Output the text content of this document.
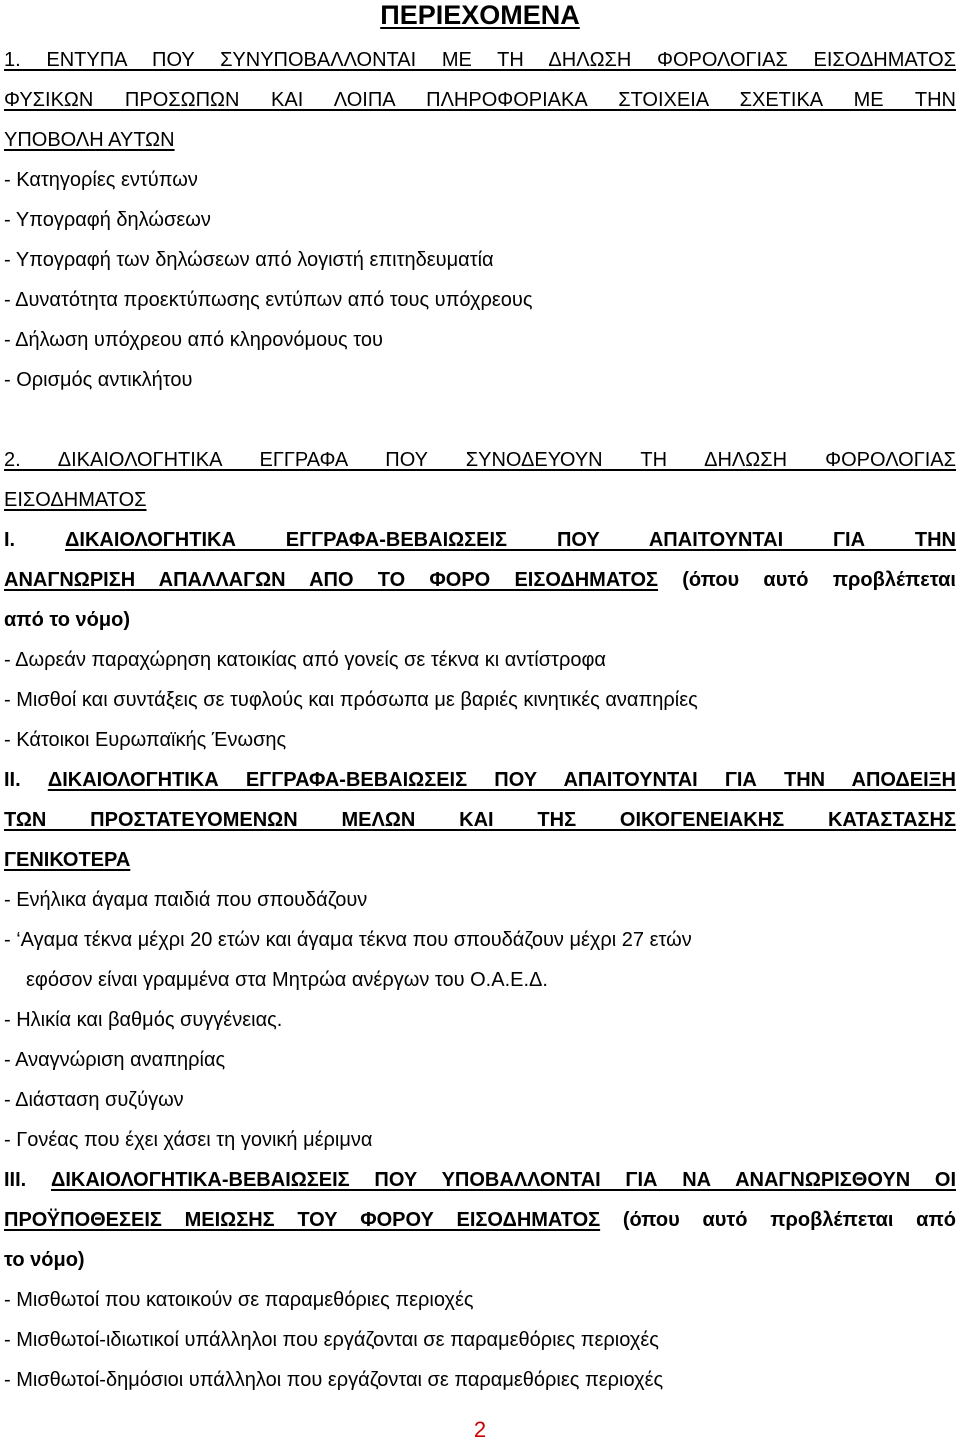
ΠΕΡΙΕΧΟΜΕΝΑ
1. ΕΝΤΥΠΑ ΠΟΥ ΣΥΝΥΠΟΒΑΛΛΟΝΤΑΙ ΜΕ ΤΗ ΔΗΛΩΣΗ ΦΟΡΟΛΟΓΙΑΣ ΕΙΣΟΔΗΜΑΤΟΣ
ΦΥΣΙΚΩΝ ΠΡΟΣΩΠΩΝ ΚΑΙ ΛΟΙΠΑ ΠΛΗΡΟΦΟΡΙΑΚΑ ΣΤΟΙΧΕΙΑ ΣΧΕΤΙΚΑ ΜΕ ΤΗΝ
ΥΠΟΒΟΛΗ ΑΥΤΩΝ
- Κατηγορίες εντύπων
- Υπογραφή δηλώσεων
- Υπογραφή των δηλώσεων από λογιστή επιτηδευματία
- Δυνατότητα προεκτύπωσης εντύπων από τους υπόχρεους
- Δήλωση υπόχρεου από κληρονόμους του
- Ορισμός αντικλήτου
2. ΔΙΚΑΙΟΛΟΓΗΤΙΚΑ ΕΓΓΡΑΦΑ ΠΟΥ ΣΥΝΟΔΕΥΟΥΝ ΤΗ ΔΗΛΩΣΗ ΦΟΡΟΛΟΓΙΑΣ
ΕΙΣΟΔΗΜΑΤΟΣ
I. ΔΙΚΑΙΟΛΟΓΗΤΙΚΑ ΕΓΓΡΑΦΑ-ΒΕΒΑΙΩΣΕΙΣ ΠΟΥ ΑΠΑΙΤΟΥΝΤΑΙ ΓΙΑ ΤΗΝ
ΑΝΑΓΝΩΡΙΣΗ ΑΠΑΛΛΑΓΩΝ ΑΠΟ ΤΟ ΦΟΡΟ ΕΙΣΟΔΗΜΑΤΟΣ (όπου αυτό προβλέπεται
από το νόμο)
- Δωρεάν παραχώρηση κατοικίας από γονείς σε τέκνα κι αντίστροφα
- Μισθοί και συντάξεις σε τυφλούς και πρόσωπα με βαριές κινητικές αναπηρίες
- Κάτοικοι Ευρωπαϊκής Ένωσης
II. ΔΙΚΑΙΟΛΟΓΗΤΙΚΑ ΕΓΓΡΑΦΑ-ΒΕΒΑΙΩΣΕΙΣ ΠΟΥ ΑΠΑΙΤΟΥΝΤΑΙ ΓΙΑ ΤΗΝ ΑΠΟΔΕΙΞΗ
ΤΩΝ ΠΡΟΣΤΑΤΕΥΟΜΕΝΩΝ ΜΕΛΩΝ ΚΑΙ ΤΗΣ ΟΙΚΟΓΕΝΕΙΑΚΗΣ ΚΑΤΑΣΤΑΣΗΣ
ΓΕΝΙΚΟΤΕΡΑ
- Ενήλικα άγαμα παιδιά που σπουδάζουν
- ‘Αγαμα τέκνα μέχρι 20 ετών και άγαμα τέκνα που σπουδάζουν μέχρι 27 ετών
εφόσον είναι γραμμένα στα Μητρώα ανέργων του Ο.Α.Ε.Δ.
- Ηλικία και βαθμός συγγένειας.
- Αναγνώριση αναπηρίας
- Διάσταση συζύγων
- Γονέας που έχει χάσει τη γονική μέριμνα
III. ΔΙΚΑΙΟΛΟΓΗΤΙΚΑ-ΒΕΒΑΙΩΣΕΙΣ ΠΟΥ ΥΠΟΒΑΛΛΟΝΤΑΙ ΓΙΑ ΝΑ ΑΝΑΓΝΩΡΙΣΘΟΥΝ ΟΙ
ΠΡΟΫΠΟΘΕΣΕΙΣ ΜΕΙΩΣΗΣ ΤΟΥ ΦΟΡΟΥ ΕΙΣΟΔΗΜΑΤΟΣ (όπου αυτό προβλέπεται από
το νόμο)
- Μισθωτοί που κατοικούν σε παραμεθόριες περιοχές
- Μισθωτοί-ιδιωτικοί υπάλληλοι που εργάζονται σε παραμεθόριες περιοχές
- Μισθωτοί-δημόσιοι υπάλληλοι που εργάζονται σε παραμεθόριες περιοχές
2
